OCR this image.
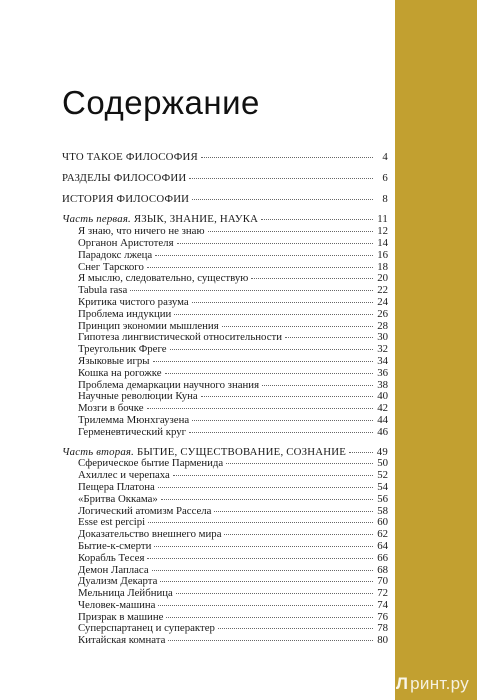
Содержание
ЧТО ТАКОЕ ФИЛОСОФИЯ	4
РАЗДЕЛЫ ФИЛОСОФИИ	6
ИСТОРИЯ ФИЛОСОФИИ	8
Часть первая. ЯЗЫК, ЗНАНИЕ, НАУКА	11
Я знаю, что ничего не знаю	12
Органон Аристотеля	14
Парадокс лжеца	16
Снег Тарского	18
Я мыслю, следовательно, существую	20
Tabula rasa	22
Критика чистого разума	24
Проблема индукции	26
Принцип экономии мышления	28
Гипотеза лингвистической относительности	30
Треугольник Фреге	32
Языковые игры	34
Кошка на рогожке	36
Проблема демаркации научного знания	38
Научные революции Куна	40
Мозги в бочке	42
Трилемма Мюнхгаузена	44
Герменевтический круг	46
Часть вторая. БЫТИЕ, СУЩЕСТВОВАНИЕ, СОЗНАНИЕ	49
Сферическое бытие Парменида	50
Ахиллес и черепаха	52
Пещера Платона	54
«Бритва Оккама»	56
Логический атомизм Рассела	58
Esse est percipi	60
Доказательство внешнего мира	62
Бытие-к-смерти	64
Корабль Тесея	66
Демон Лапласа	68
Дуализм Декарта	70
Мельница Лейбница	72
Человек-машина	74
Призрак в машине	76
Суперспартанец и суперактер	78
Китайская комната	80
Л ринт.ру
